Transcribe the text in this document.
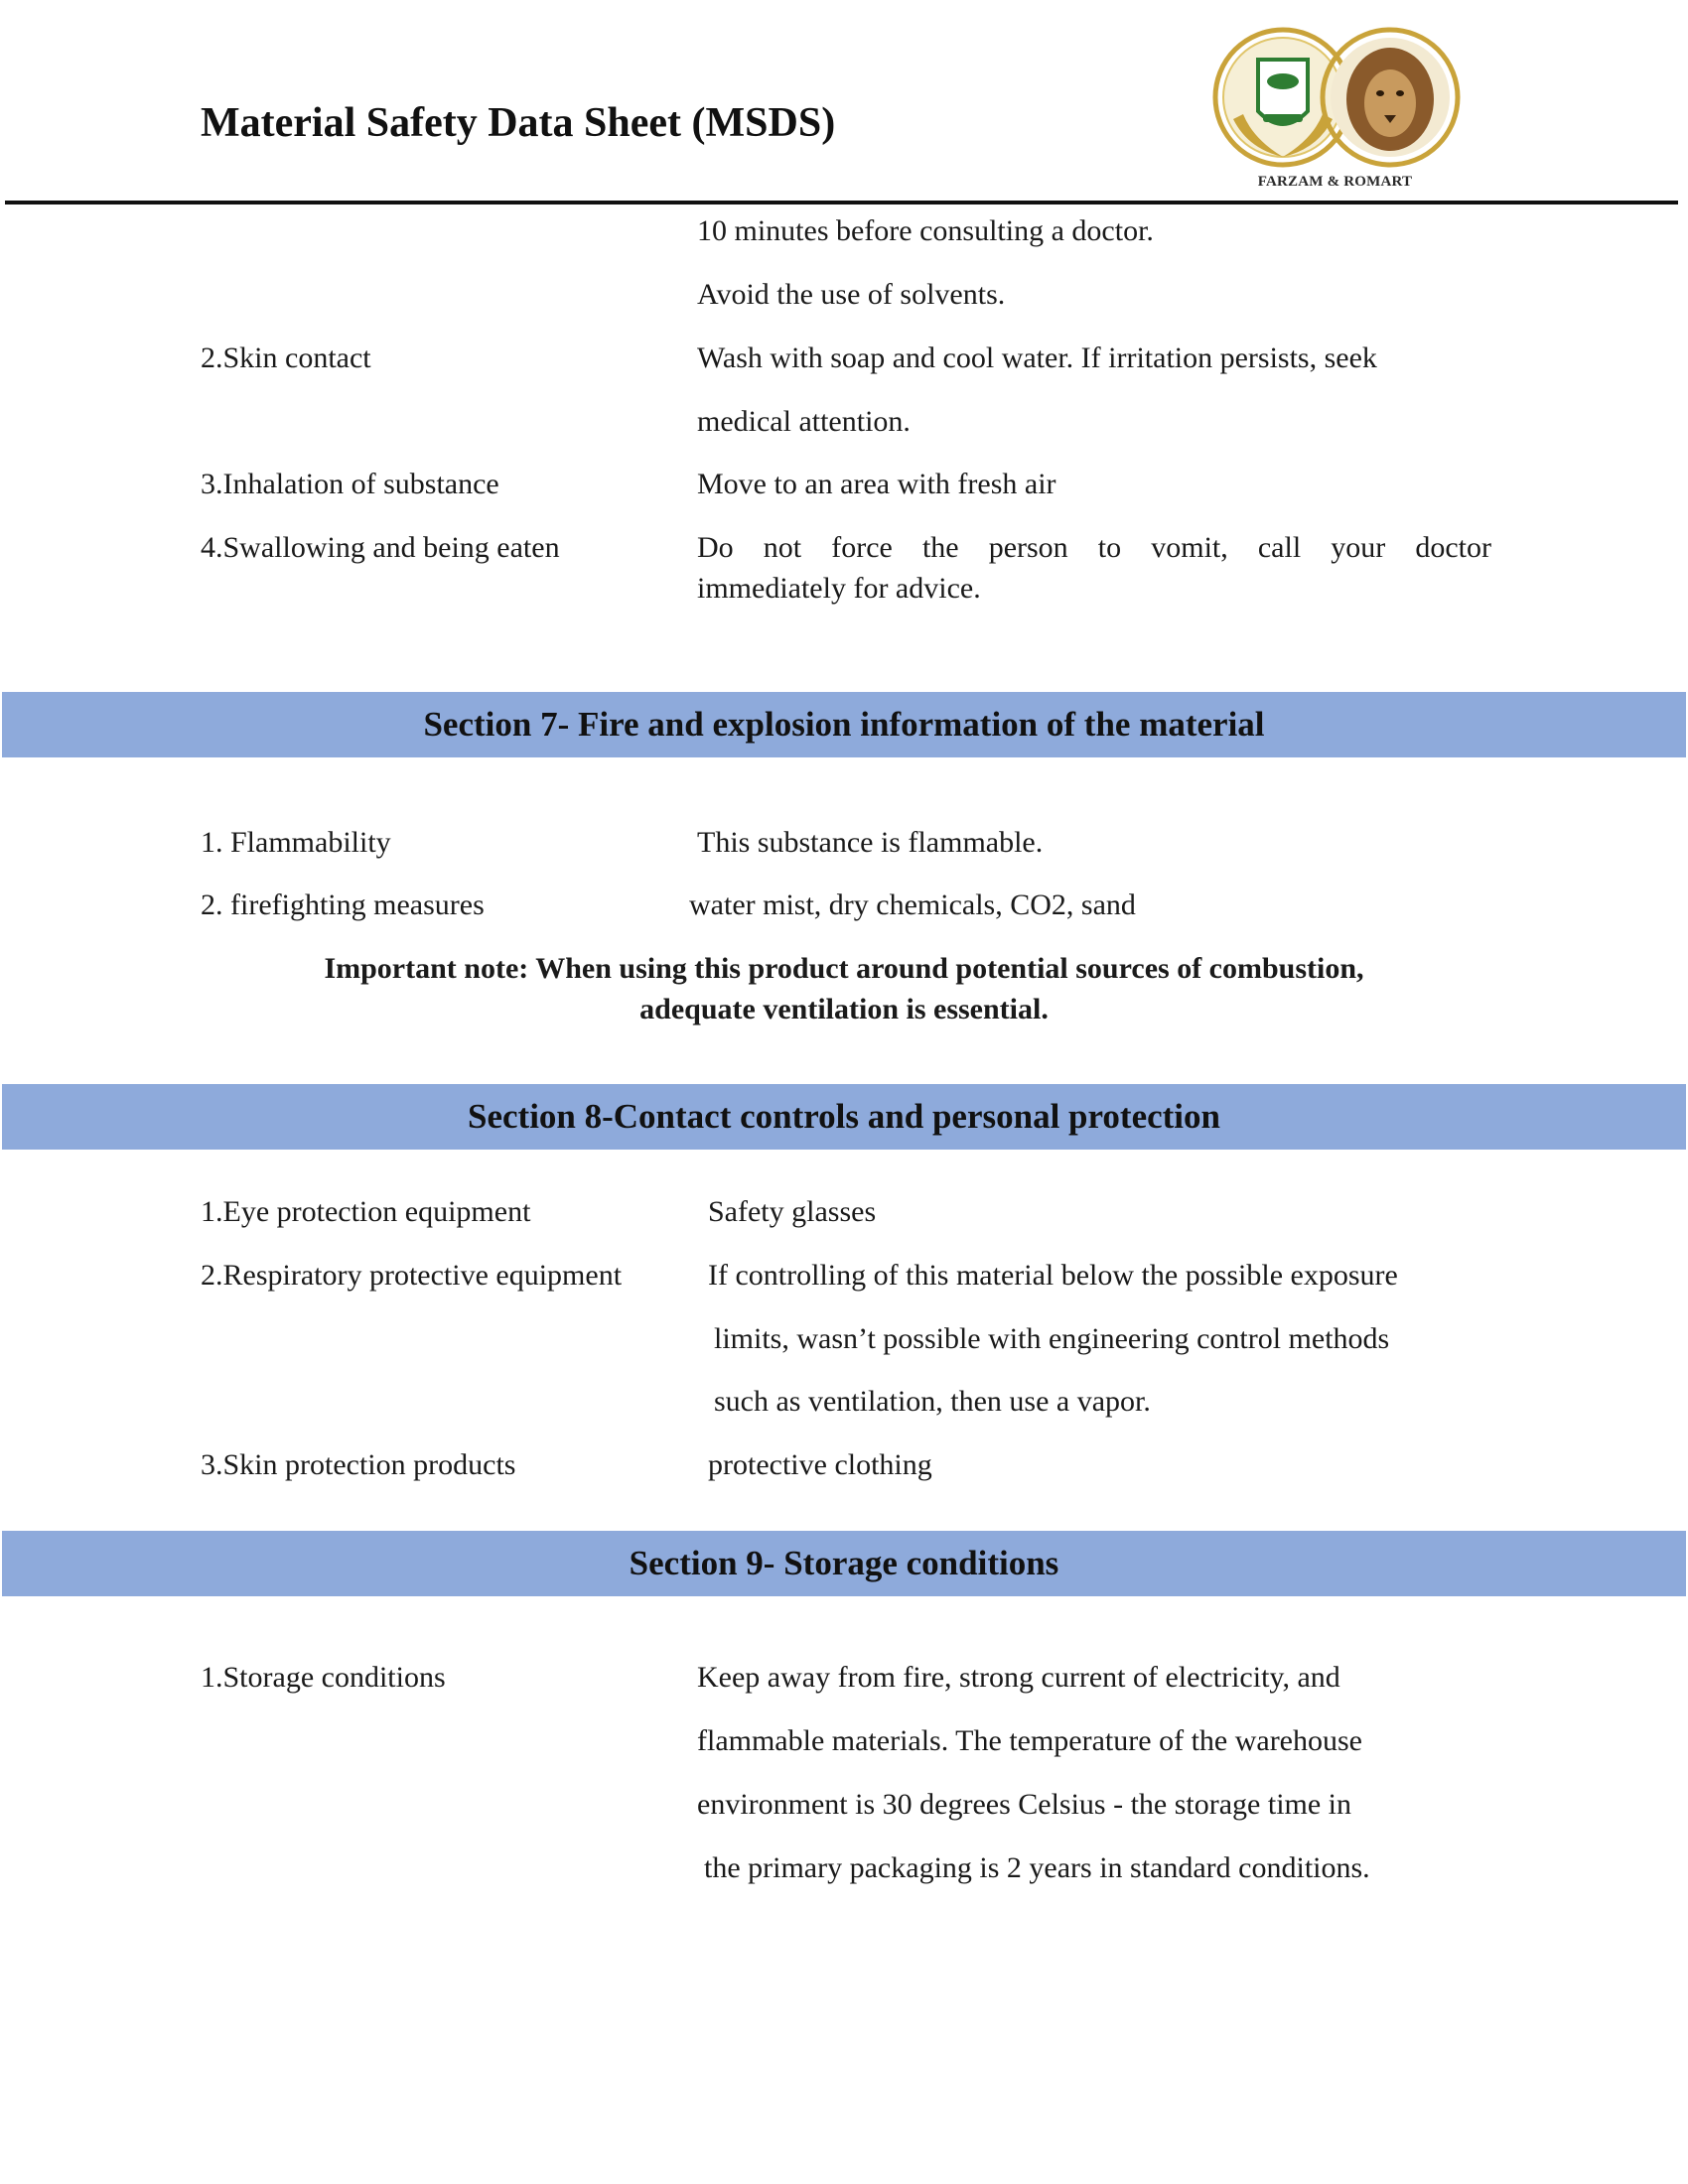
Material Safety Data Sheet (MSDS)
FARZAM & ROMART
10 minutes before consulting a doctor.
Avoid the use of solvents.
2.Skin contact	Wash with soap and cool water. If irritation persists, seek
medical attention.
3.Inhalation of substance	Move to an area with fresh air
4.Swallowing and being eaten	Do not force the person to vomit, call your doctor
immediately for advice.
Section 7- Fire and explosion information of the material
1. Flammability	This substance is flammable.
2. firefighting measures	water mist, dry chemicals, CO2, sand
Important note: When using this product around potential sources of combustion,
adequate ventilation is essential.
Section 8-Contact controls and personal protection
1.Eye protection equipment	Safety glasses
2.Respiratory protective equipment	If controlling of this material below the possible exposure
limits, wasn’t possible with engineering control methods
such as ventilation, then use a vapor.
3.Skin protection products	protective clothing
Section 9- Storage conditions
1.Storage conditions	Keep away from fire, strong current of electricity, and
flammable materials. The temperature of the warehouse
environment is 30 degrees Celsius - the storage time in
the primary packaging is 2 years in standard conditions.
